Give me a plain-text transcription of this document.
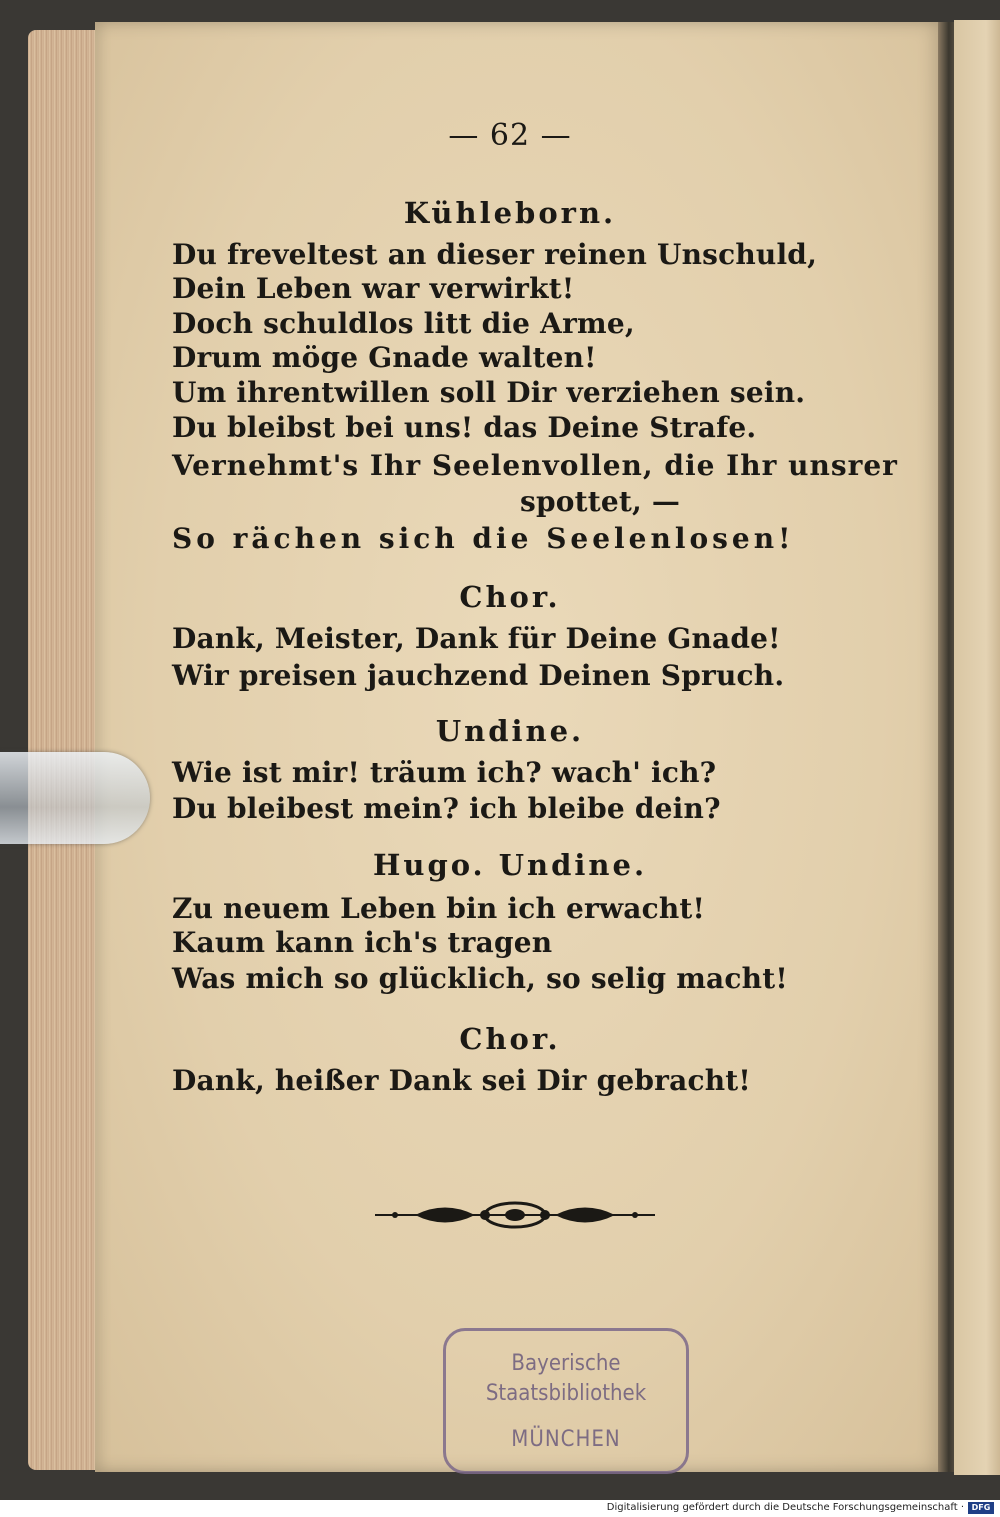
— 62 —
Kühleborn.
Du freveltest an dieser reinen Unschuld,
Dein Leben war verwirkt!
Doch schuldlos litt die Arme,
Drum möge Gnade walten!
Um ihrentwillen soll Dir verziehen sein.
Du bleibst bei uns! das Deine Strafe.
Vernehmt's Ihr Seelenvollen, die Ihr unsrer
spottet, —
So rächen sich die Seelenlosen!
Chor.
Dank, Meister, Dank für Deine Gnade!
Wir preisen jauchzend Deinen Spruch.
Undine.
Wie ist mir! träum ich? wach' ich?
Du bleibest mein? ich bleibe dein?
Hugo. Undine.
Zu neuem Leben bin ich erwacht!
Kaum kann ich's tragen
Was mich so glücklich, so selig macht!
Chor.
Dank, heißer Dank sei Dir gebracht!
Bayerische
Staatsbibliothek
MÜNCHEN
Digitalisierung gefördert durch die Deutsche Forschungsgemeinschaft · DFG
